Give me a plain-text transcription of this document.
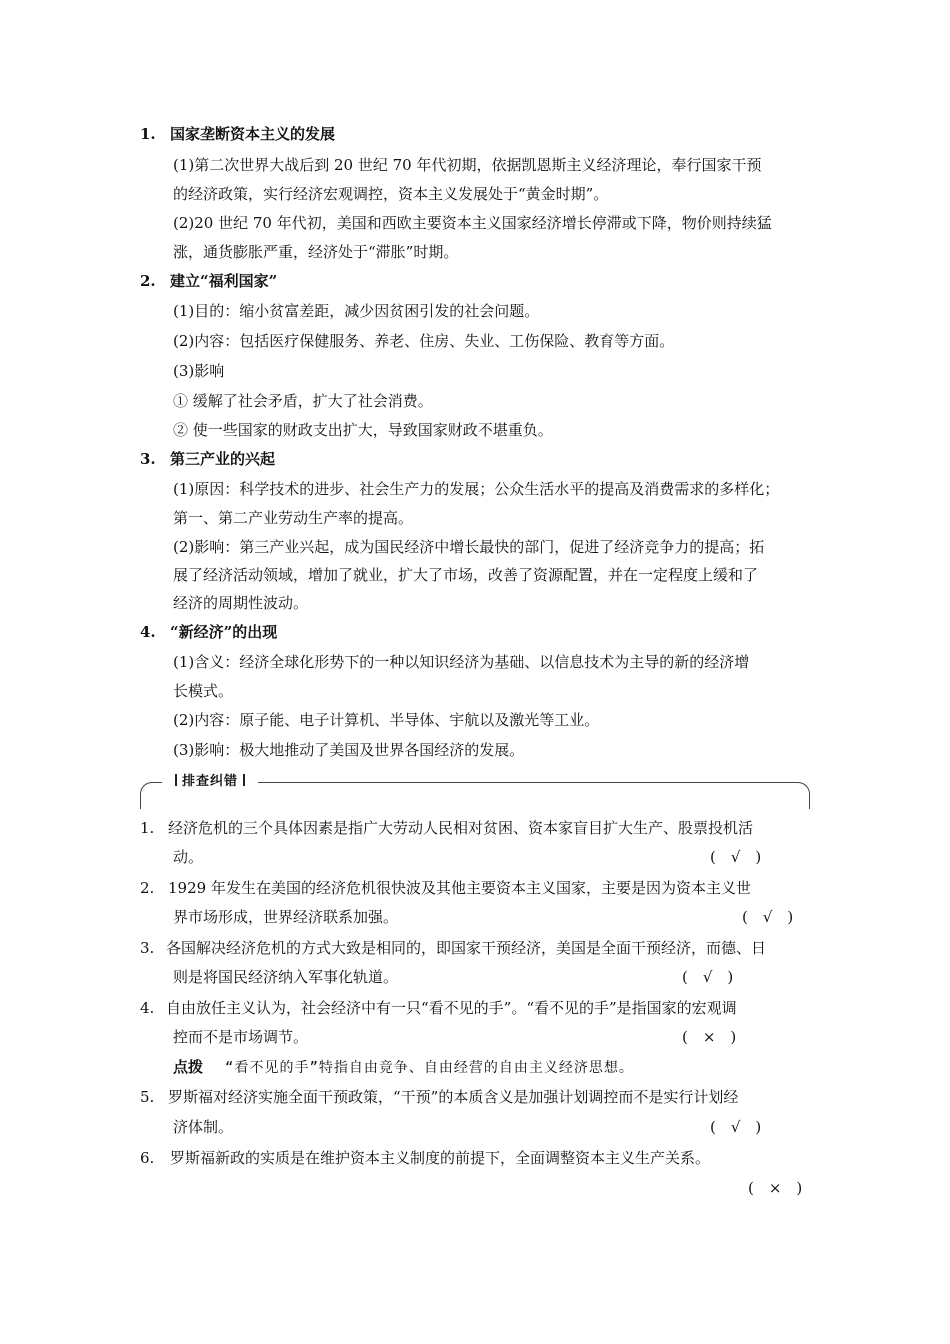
1. 国家垄断资本主义的发展
(1)第二次世界大战后到 20 世纪 70 年代初期，依据凯恩斯主义经济理论，奉行国家干预
的经济政策，实行经济宏观调控，资本主义发展处于“黄金时期”。
(2)20 世纪 70 年代初，美国和西欧主要资本主义国家经济增长停滞或下降，物价则持续猛
涨，通货膨胀严重，经济处于“滞胀”时期。
2. 建立“福利国家”
(1)目的：缩小贫富差距，减少因贫困引发的社会问题。
(2)内容：包括医疗保健服务、养老、住房、失业、工伤保险、教育等方面。
(3)影响
① 缓解了社会矛盾，扩大了社会消费。
② 使一些国家的财政支出扩大，导致国家财政不堪重负。
3. 第三产业的兴起
(1)原因：科学技术的进步、社会生产力的发展；公众生活水平的提高及消费需求的多样化；
第一、第二产业劳动生产率的提高。
(2)影响：第三产业兴起，成为国民经济中增长最快的部门，促进了经济竞争力的提高；拓
展了经济活动领域，增加了就业，扩大了市场，改善了资源配置，并在一定程度上缓和了
经济的周期性波动。
4. “新经济”的出现
(1)含义：经济全球化形势下的一种以知识经济为基础、以信息技术为主导的新的经济增
长模式。
(2)内容：原子能、电子计算机、半导体、宇航以及激光等工业。
(3)影响：极大地推动了美国及世界各国经济的发展。
排查纠错
1. 经济危机的三个具体因素是指广大劳动人民相对贫困、资本家盲目扩大生产、股票投机活
动。	(　√　)
2. 1929 年发生在美国的经济危机很快波及其他主要资本主义国家，主要是因为资本主义世
界市场形成，世界经济联系加强。	(　√　)
3. 各国解决经济危机的方式大致是相同的，即国家干预经济，美国是全面干预经济，而德、日
则是将国民经济纳入军事化轨道。	(　√　)
4. 自由放任主义认为，社会经济中有一只“看不见的手”。“看不见的手”是指国家的宏观调
控而不是市场调节。	(　×　)
点拨 “看不见的手”特指自由竞争、自由经营的自由主义经济思想。
5. 罗斯福对经济实施全面干预政策，“干预”的本质含义是加强计划调控而不是实行计划经
济体制。	(　√　)
6. 罗斯福新政的实质是在维护资本主义制度的前提下，全面调整资本主义生产关系。
(　×　)
